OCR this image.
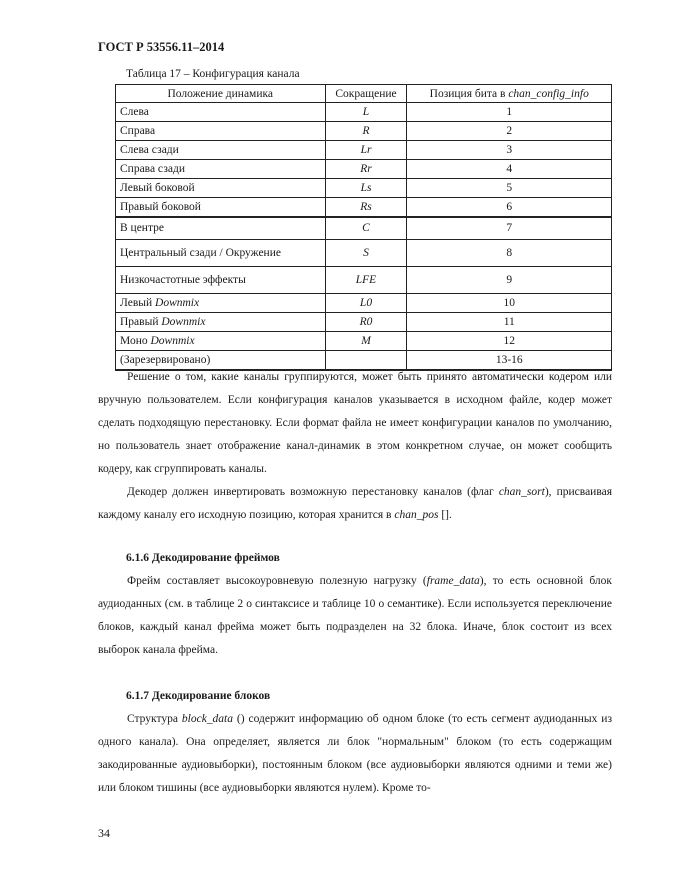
ГОСТ Р 53556.11–2014
Таблица 17 – Конфигурация канала
Положение динамика	Сокращение	Позиция бита в chan_config_info
Слева	L	1
Справа	R	2
Слева сзади	Lr	3
Справа сзади	Rr	4
Левый боковой	Ls	5
Правый боковой	Rs	6
В центре	C	7
Центральный сзади / Окружение	S	8
Низкочастотные эффекты	LFE	9
Левый Downmix	L0	10
Правый Downmix	R0	11
Моно Downmix	M	12
(Зарезервировано)		13-16

Решение о том, какие каналы группируются, может быть принято автоматически кодером или вручную пользователем. Если конфигурация каналов указывается в исходном файле, кодер может сделать подходящую перестановку. Если формат файла не имеет конфигурации каналов по умолчанию, но пользователь знает отображение канал-динамик в этом конкретном случае, он может сообщить кодеру, как сгруппировать каналы.

Декодер должен инвертировать возможную перестановку каналов (флаг chan_sort), присваивая каждому каналу его исходную позицию, которая хранится в chan_pos [].

6.1.6 Декодирование фреймов

Фрейм составляет высокоуровневую полезную нагрузку (frame_data), то есть основной блок аудиоданных (см. в таблице 2 о синтаксисе и таблице 10 о семантике). Если используется переключение блоков, каждый канал фрейма может быть подразделен на 32 блока. Иначе, блок состоит из всех выборок канала фрейма.

6.1.7 Декодирование блоков

Структура block_data () содержит информацию об одном блоке (то есть сегмент аудиоданных из одного канала). Она определяет, является ли блок "нормальным" блоком (то есть содержащим закодированные аудиовыборки), постоянным блоком (все аудиовыборки являются одними и теми же) или блоком тишины (все аудиовыборки являются нулем). Кроме то-

34
